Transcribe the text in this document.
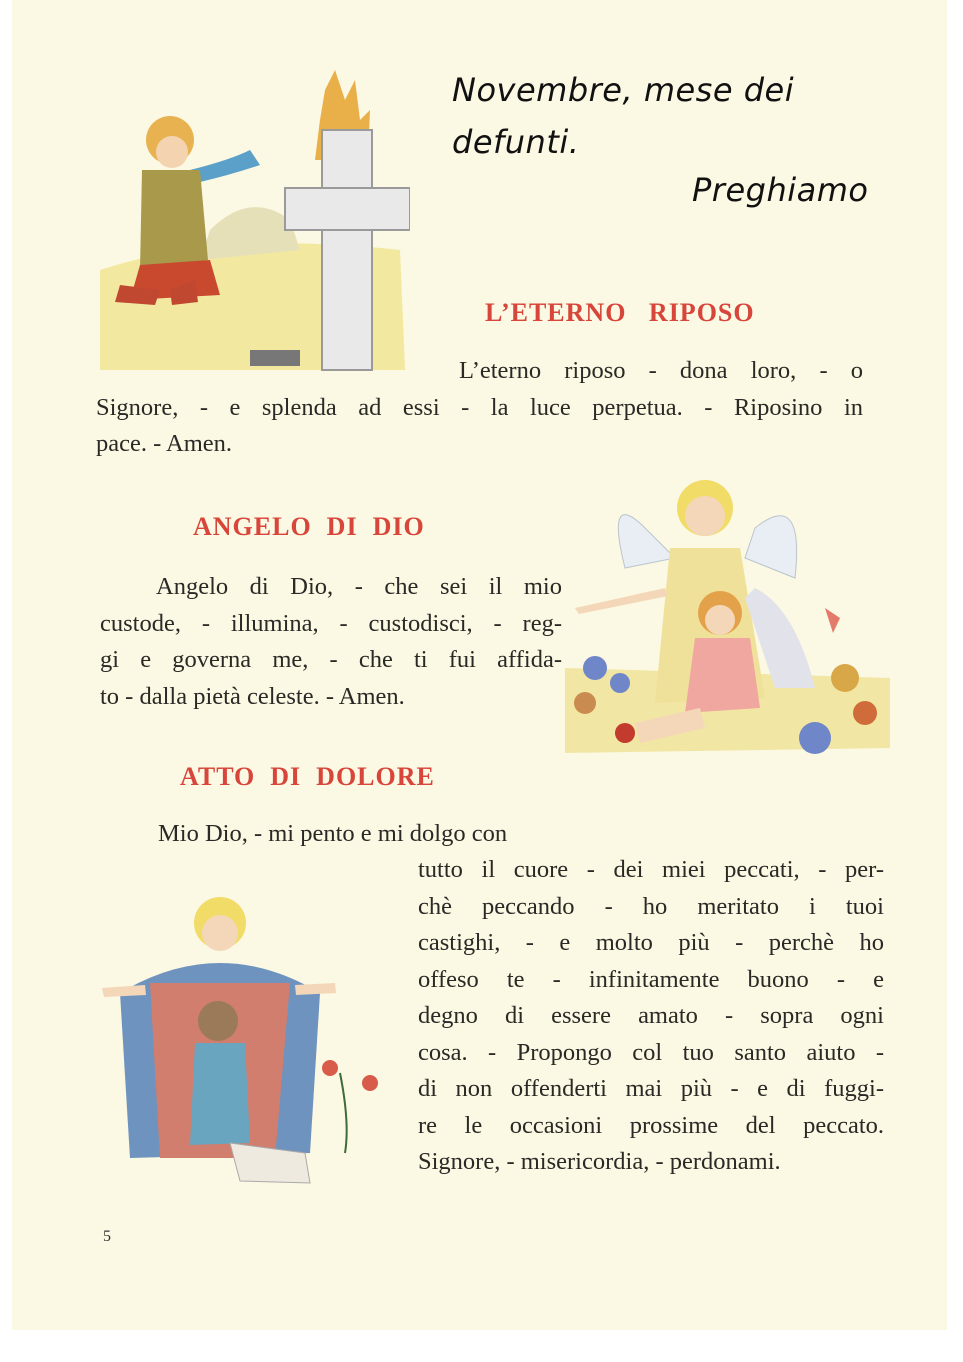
Novembre, mese dei
defunti.
Preghiamo
L’ETERNO   RIPOSO
L’eterno riposo - dona loro, - o
Signore, - e splenda ad essi - la luce perpetua. - Riposino in
pace. - Amen.
ANGELO  DI  DIO
Angelo di Dio, - che sei il mio
custode, - illumina, - custodisci, - reg-
gi e governa me, - che ti fui affida-
to - dalla pietà celeste. - Amen.
ATTO  DI  DOLORE
Mio Dio, - mi pento e mi dolgo con
tutto il cuore - dei miei peccati, - per-
chè peccando - ho meritato i tuoi
castighi, - e molto più - perchè ho
offeso te - infinitamente buono - e
degno di essere amato - sopra ogni
cosa. - Propongo col tuo santo aiuto -
di non offenderti mai più - e di fuggi-
re le occasioni prossime del peccato.
Signore, - misericordia, - perdonami.
5
